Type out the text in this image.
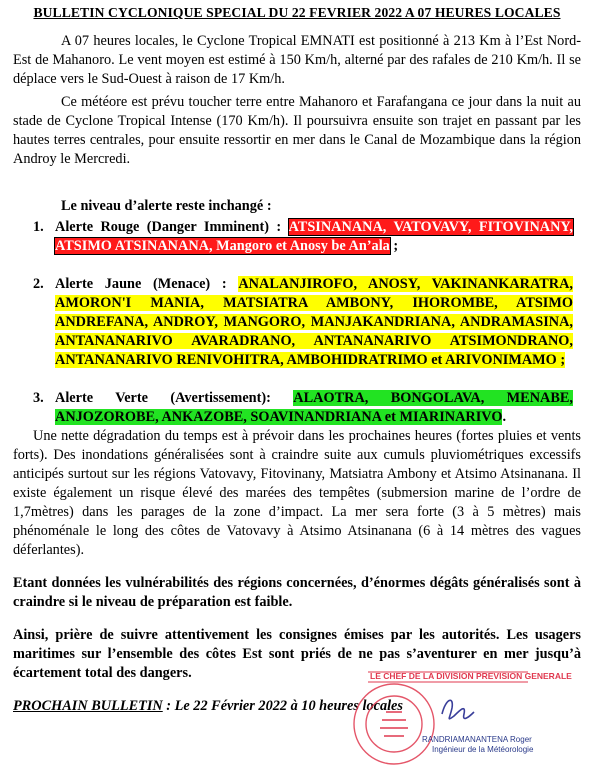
BULLETIN CYCLONIQUE SPECIAL DU 22 FEVRIER 2022 A 07 HEURES LOCALES

A 07 heures locales, le Cyclone Tropical EMNATI est positionné à 213 Km à l’Est Nord-Est de Mahanoro. Le vent moyen est estimé à 150 Km/h, alterné par des rafales de 210 Km/h. Il se déplace vers le Sud-Ouest à raison de 17 Km/h.

Ce météore est prévu toucher terre entre Mahanoro et Farafangana ce jour dans la nuit au stade de Cyclone Tropical Intense (170 Km/h). Il poursuivra ensuite son trajet en passant par les hautes terres centrales, pour ensuite ressortir en mer dans le Canal de Mozambique dans la région Androy le Mercredi.

Le niveau d’alerte reste inchangé :
1. Alerte Rouge (Danger Imminent) : ATSINANANA, VATOVAVY, FITOVINANY, ATSIMO ATSINANANA, Mangoro et Anosy be An’ala ;
2. Alerte Jaune (Menace) : ANALANJIROFO, ANOSY, VAKINANKARATRA, AMORON'I MANIA, MATSIATRA AMBONY, IHOROMBE, ATSIMO ANDREFANA, ANDROY, MANGORO, MANJAKANDRIANA, ANDRAMASINA, ANTANANARIVO AVARADRANO, ANTANANARIVO ATSIMONDRANO, ANTANANARIVO RENIVOHITRA, AMBOHIDRATRIMO et ARIVONIMAMO ;
3. Alerte Verte (Avertissement): ALAOTRA, BONGOLAVA, MENABE, ANJOZOROBE, ANKAZOBE, SOAVINANDRIANA et MIARINARIVO.

Une nette dégradation du temps est à prévoir dans les prochaines heures (fortes pluies et vents forts). Des inondations généralisées sont à craindre suite aux cumuls pluviométriques excessifs anticipés surtout sur les régions Vatovavy, Fitovinany, Matsiatra Ambony et Atsimo Atsinanana. Il existe également un risque élevé des marées des tempêtes (submersion marine de l’ordre de 1,7mètres) dans les parages de la zone d’impact. La mer sera forte (3 à 5 mètres) mais phénoménale le long des côtes de Vatovavy à Atsimo Atsinanana (6 à 14 mètres des vagues déferlantes).

Etant données les vulnérabilités des régions concernées, d’énormes dégâts généralisés sont à craindre si le niveau de préparation est faible.

Ainsi, prière de suivre attentivement les consignes émises par les autorités. Les usagers maritimes sur l’ensemble des côtes Est sont priés de ne pas s’aventurer en mer jusqu’à écartement total des dangers.

PROCHAIN BULLETIN : Le 22 Février 2022 à 10 heures locales

LE CHEF DE LA DIVISION PREVISION GENERALE
RANDRIAMANANTENA Roger
Ingénieur de la Météorologie
